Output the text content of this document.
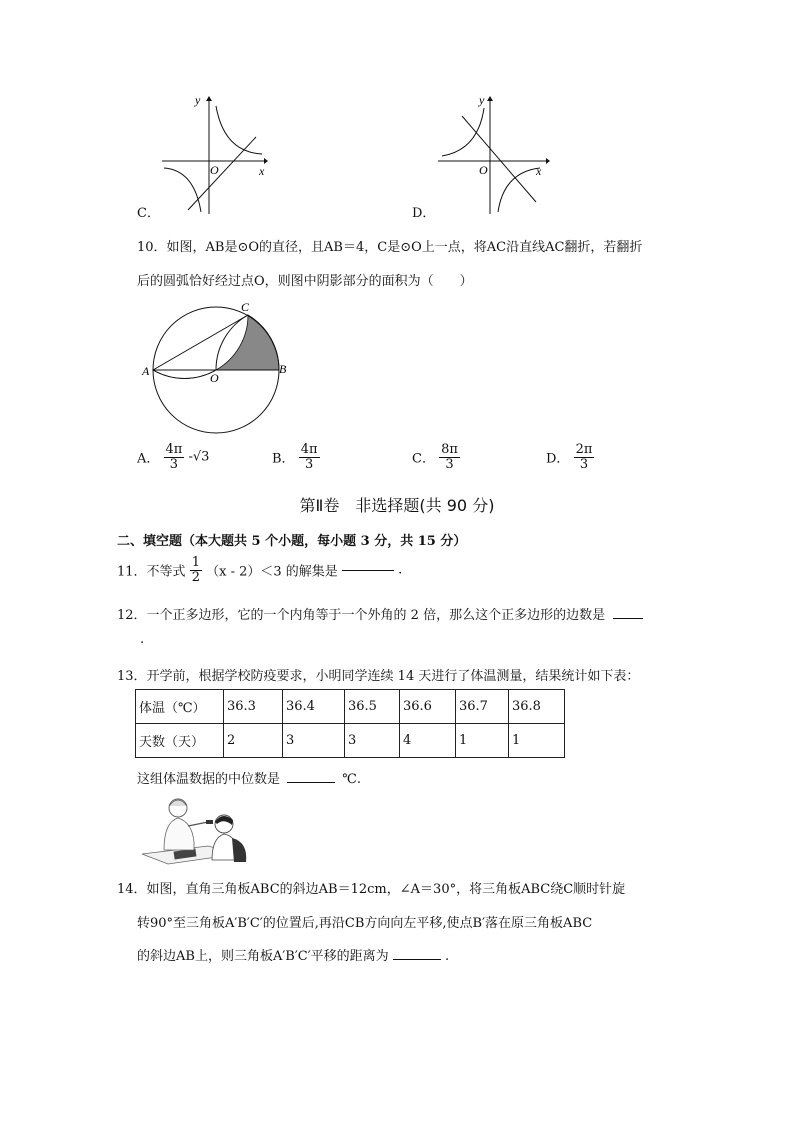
y
x
O
C．
y
x
O
D．
10．如图，AB是⊙O的直径，且AB＝4，C是⊙O上一点，将AC沿直线AC翻折，若翻折
后的圆弧恰好经过点O，则图中阴影部分的面积为（　　）
A	B
C
O
A． $\frac{4\pi}{3} -√3$	B． $\frac{4\pi}{3}$	C． $\frac{8\pi}{3}$	D． $\frac{2\pi}{3}$
第Ⅱ卷　非选择题(共 90 分)
二、填空题（本大题共 5 个小题，每小题 3 分，共 15 分）
11．不等式 $\frac{1}{2} (x - 2)<3$ 的解集是	.
12．一个正多边形，它的一个内角等于一个外角的 2 倍，那么这个正多边形的边数是
.
13．开学前，根据学校防疫要求，小明同学连续 14 天进行了体温测量，结果统计如下表：
体温（℃）	36.3	36.4	36.5	36.6	36.7	36.8
天数（天）	2	3	3	4	1	1
这组体温数据的中位数是	℃.
14．如图，直角三角板ABC的斜边AB＝12cm，∠A＝30°，将三角板ABC绕C顺时针旋
转90°至三角板A′B′C′的位置后,再沿CB方向向左平移,使点B′落在原三角板ABC
的斜边AB上，则三角板A′B′C′平移的距离为	.
